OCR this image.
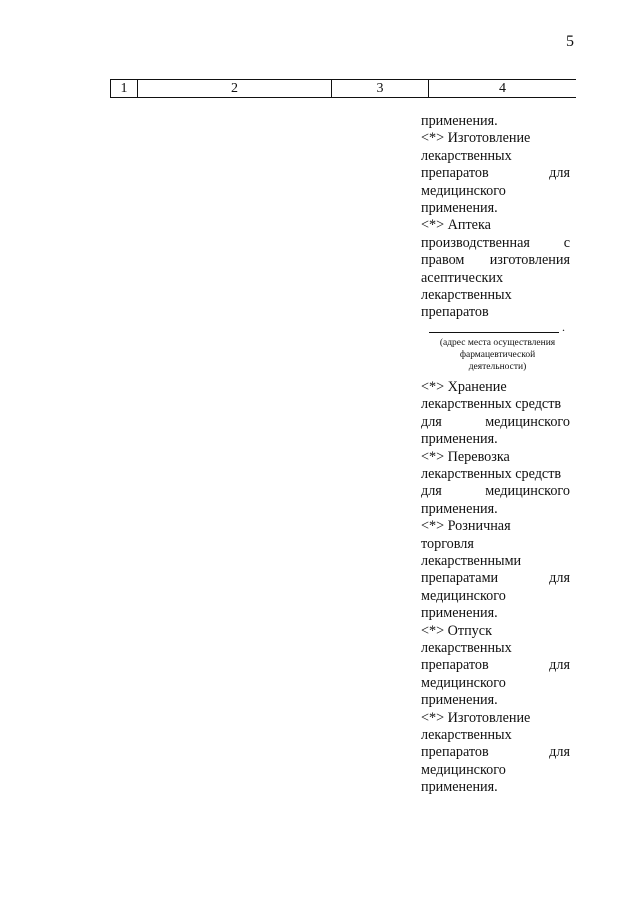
5
1	2	3	4
применения.
<*> Изготовление
лекарственных
препаратов	для
медицинского
применения.
<*> Аптека
производственная с
правом изготовления
асептических
лекарственных
препаратов
.
(адрес места осуществления
фармацевтической
деятельности)
<*> Хранение
лекарственных средств
для	медицинского
применения.
<*> Перевозка
лекарственных средств
для	медицинского
применения.
<*> Розничная
торговля
лекарственными
препаратами	для
медицинского
применения.
<*> Отпуск
лекарственных
препаратов	для
медицинского
применения.
<*> Изготовление
лекарственных
препаратов	для
медицинского
применения.
